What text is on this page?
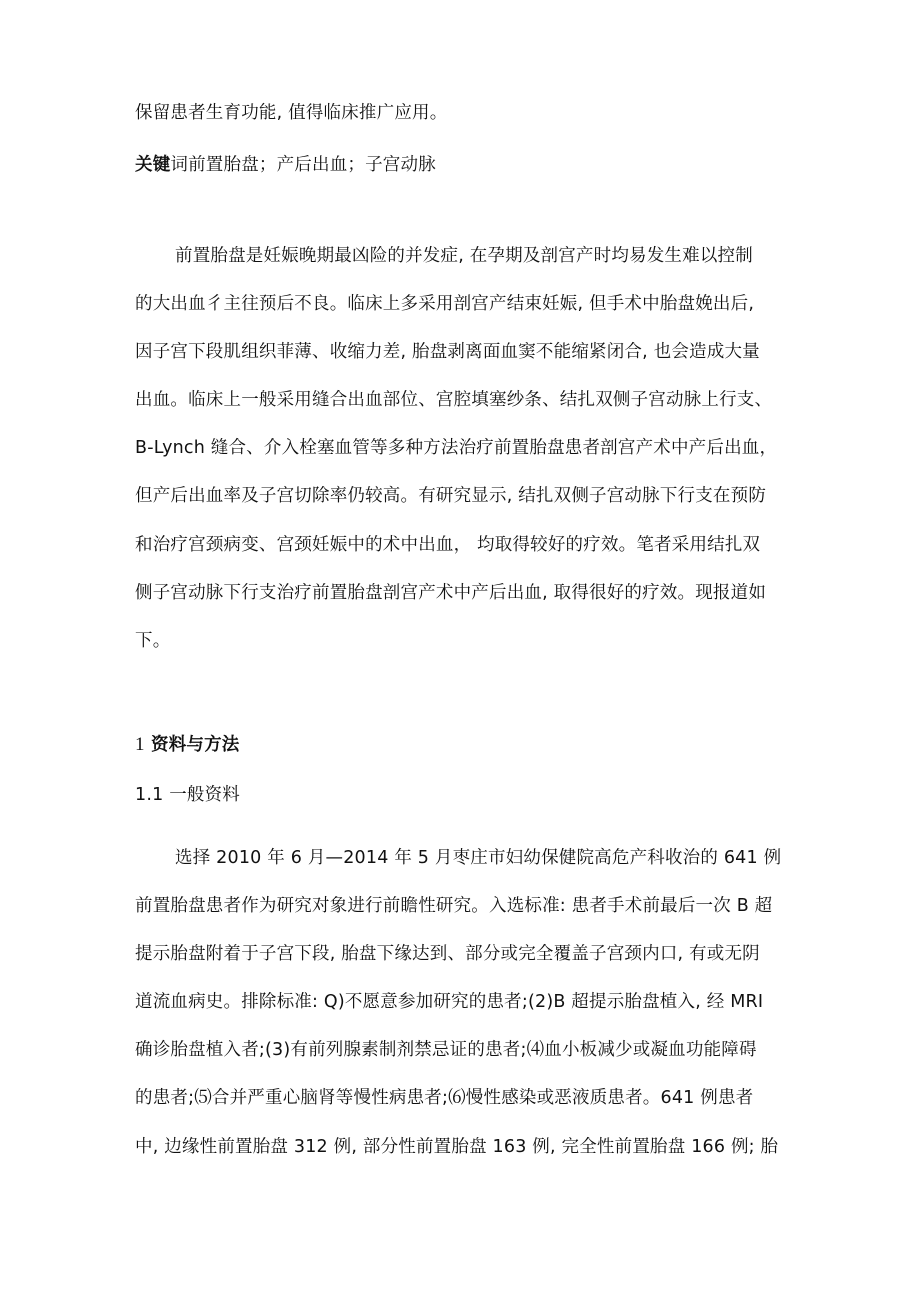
保留患者生育功能, 值得临床推广应用。
关键词前置胎盘；产后出血；子宫动脉
前置胎盘是妊娠晚期最凶险的并发症, 在孕期及剖宫产时均易发生难以控制
的大出血彳主往预后不良。临床上多采用剖宫产结束妊娠, 但手术中胎盘娩出后,
因子宫下段肌组织菲薄、收缩力差, 胎盘剥离面血窦不能缩紧闭合, 也会造成大量
出血。临床上一般采用缝合出血部位、宫腔填塞纱条、结扎双侧子宫动脉上行支、
B-Lynch 缝合、介入栓塞血管等多种方法治疗前置胎盘患者剖宫产术中产后出血，
但产后出血率及子宫切除率仍较高。有研究显示, 结扎双侧子宫动脉下行支在预防
和治疗宫颈病变、宫颈妊娠中的术中出血， 均取得较好的疗效。笔者采用结扎双
侧子宫动脉下行支治疗前置胎盘剖宫产术中产后出血, 取得很好的疗效。现报道如
下。
1 资料与方法
1.1 一般资料
选择 2010 年 6 月—2014 年 5 月枣庄市妇幼保健院高危产科收治的 641 例
前置胎盘患者作为研究对象进行前瞻性研究。入选标准: 患者手术前最后一次 B 超
提示胎盘附着于子宫下段, 胎盘下缘达到、部分或完全覆盖子宫颈内口, 有或无阴
道流血病史。排除标准: Q)不愿意参加研究的患者;(2)B 超提示胎盘植入, 经 MRI
确诊胎盘植入者;(3)有前列腺素制剂禁忌证的患者;⑷血小板减少或凝血功能障碍
的患者;⑸合并严重心脑肾等慢性病患者;⑹慢性感染或恶液质患者。641 例患者
中, 边缘性前置胎盘 312 例, 部分性前置胎盘 163 例, 完全性前置胎盘 166 例; 胎
